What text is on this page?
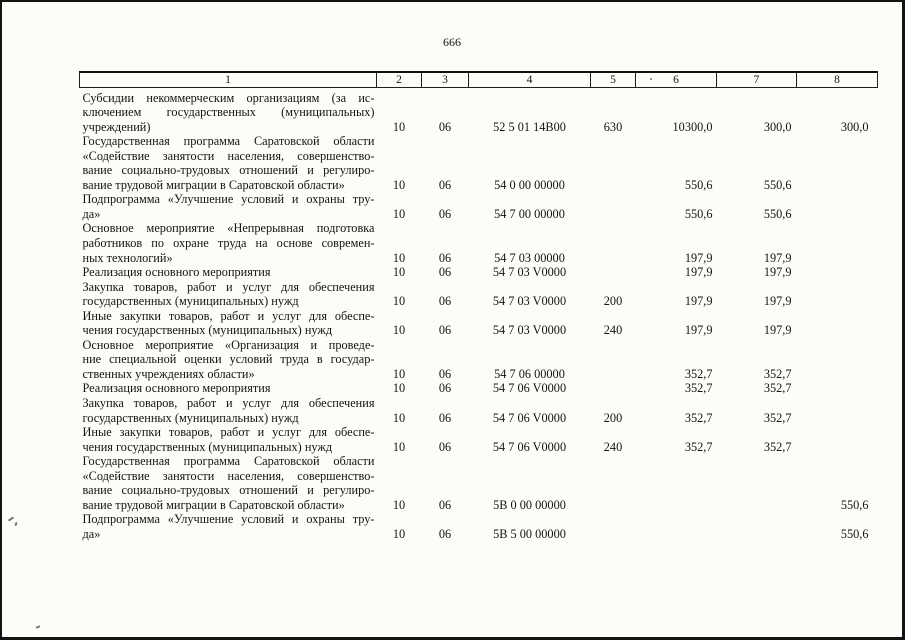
666
1	2	3	4	5	6	7	8

Субсидии некоммерческим организациям (за ис-
ключением государственных (муниципальных)
учреждений)	10	06	52 5 01 14В00	630	10300,0	300,0	300,0

Государственная программа Саратовской области
«Содействие занятости населения, совершенство-
вание социально-трудовых отношений и регулиро-
вание трудовой миграции в Саратовской области»	10	06	54 0 00 00000		550,6	550,6	

Подпрограмма «Улучшение условий и охраны тру-
да»	10	06	54 7 00 00000		550,6	550,6	

Основное мероприятие «Непрерывная подготовка
работников по охране труда на основе современ-
ных технологий»	10	06	54 7 03 00000		197,9	197,9	

Реализация основного мероприятия	10	06	54 7 03 V0000		197,9	197,9	

Закупка товаров, работ и услуг для обеспечения
государственных (муниципальных) нужд	10	06	54 7 03 V0000	200	197,9	197,9	

Иные закупки товаров, работ и услуг для обеспе-
чения государственных (муниципальных) нужд	10	06	54 7 03 V0000	240	197,9	197,9	

Основное мероприятие «Организация и проведе-
ние специальной оценки условий труда в государ-
ственных учреждениях области»	10	06	54 7 06 00000		352,7	352,7	

Реализация основного мероприятия	10	06	54 7 06 V0000		352,7	352,7	

Закупка товаров, работ и услуг для обеспечения
государственных (муниципальных) нужд	10	06	54 7 06 V0000	200	352,7	352,7	

Иные закупки товаров, работ и услуг для обеспе-
чения государственных (муниципальных) нужд	10	06	54 7 06 V0000	240	352,7	352,7	

Государственная программа Саратовской области
«Содействие занятости населения, совершенство-
вание социально-трудовых отношений и регулиро-
вание трудовой миграции в Саратовской области»	10	06	5В 0 00 00000				550,6

Подпрограмма «Улучшение условий и охраны тру-
да»	10	06	5В 5 00 00000				550,6
